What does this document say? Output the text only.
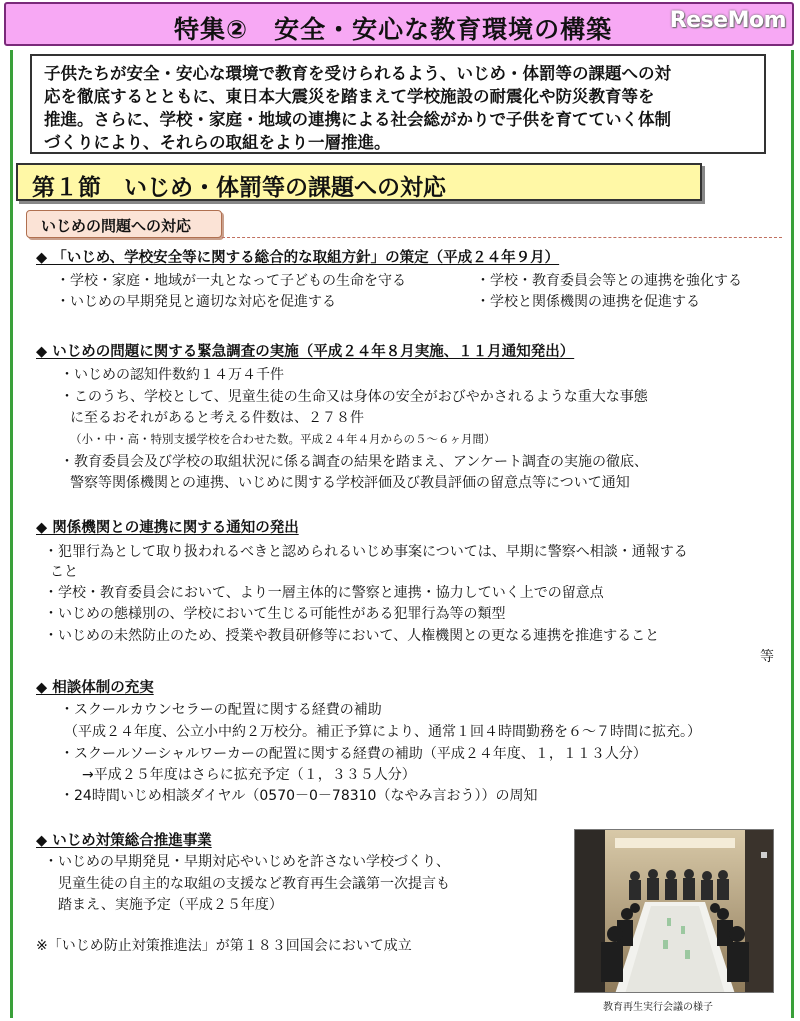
特集②　安全・安心な教育環境の構築	ReseMom
子供たちが安全・安心な環境で教育を受けられるよう、いじめ・体罰等の課題への対
応を徹底するとともに、東日本大震災を踏まえて学校施設の耐震化や防災教育等を
推進。さらに、学校・家庭・地域の連携による社会総がかりで子供を育てていく体制
づくりにより、それらの取組をより一層推進。
第１節　いじめ・体罰等の課題への対応
いじめの問題への対応
◆ 「いじめ、学校安全等に関する総合的な取組方針」の策定（平成２４年９月）
・学校・家庭・地域が一丸となって子どもの生命を守る	・学校・教育委員会等との連携を強化する
・いじめの早期発見と適切な対応を促進する	・学校と関係機関の連携を促進する
◆ いじめの問題に関する緊急調査の実施（平成２４年８月実施、１１月通知発出）
・いじめの認知件数約１４万４千件
・このうち、学校として、児童生徒の生命又は身体の安全がおびやかされるような重大な事態
に至るおそれがあると考える件数は、２７８件
（小・中・高・特別支援学校を合わせた数。平成２４年４月からの５～６ヶ月間）
・教育委員会及び学校の取組状況に係る調査の結果を踏まえ、アンケート調査の実施の徹底、
警察等関係機関との連携、いじめに関する学校評価及び教員評価の留意点等について通知
◆ 関係機関との連携に関する通知の発出
・犯罪行為として取り扱われるべきと認められるいじめ事案については、早期に警察へ相談・通報する
こと
・学校・教育委員会において、より一層主体的に警察と連携・協力していく上での留意点
・いじめの態様別の、学校において生じる可能性がある犯罪行為等の類型
・いじめの未然防止のため、授業や教員研修等において、人権機関との更なる連携を推進すること
等
◆ 相談体制の充実
・スクールカウンセラーの配置に関する経費の補助
（平成２４年度、公立小中約２万校分。補正予算により、通常１回４時間勤務を６～７時間に拡充。）
・スクールソーシャルワーカーの配置に関する経費の補助（平成２４年度、１，１１３人分）
→平成２５年度はさらに拡充予定（１，３３５人分）
・24時間いじめ相談ダイヤル（0570－0－78310（なやみ言おう））の周知
◆ いじめ対策総合推進事業
・いじめの早期発見・早期対応やいじめを許さない学校づくり、
児童生徒の自主的な取組の支援など教育再生会議第一次提言も
踏まえ、実施予定（平成２５年度）
※「いじめ防止対策推進法」が第１８３回国会において成立
教育再生実行会議の様子
